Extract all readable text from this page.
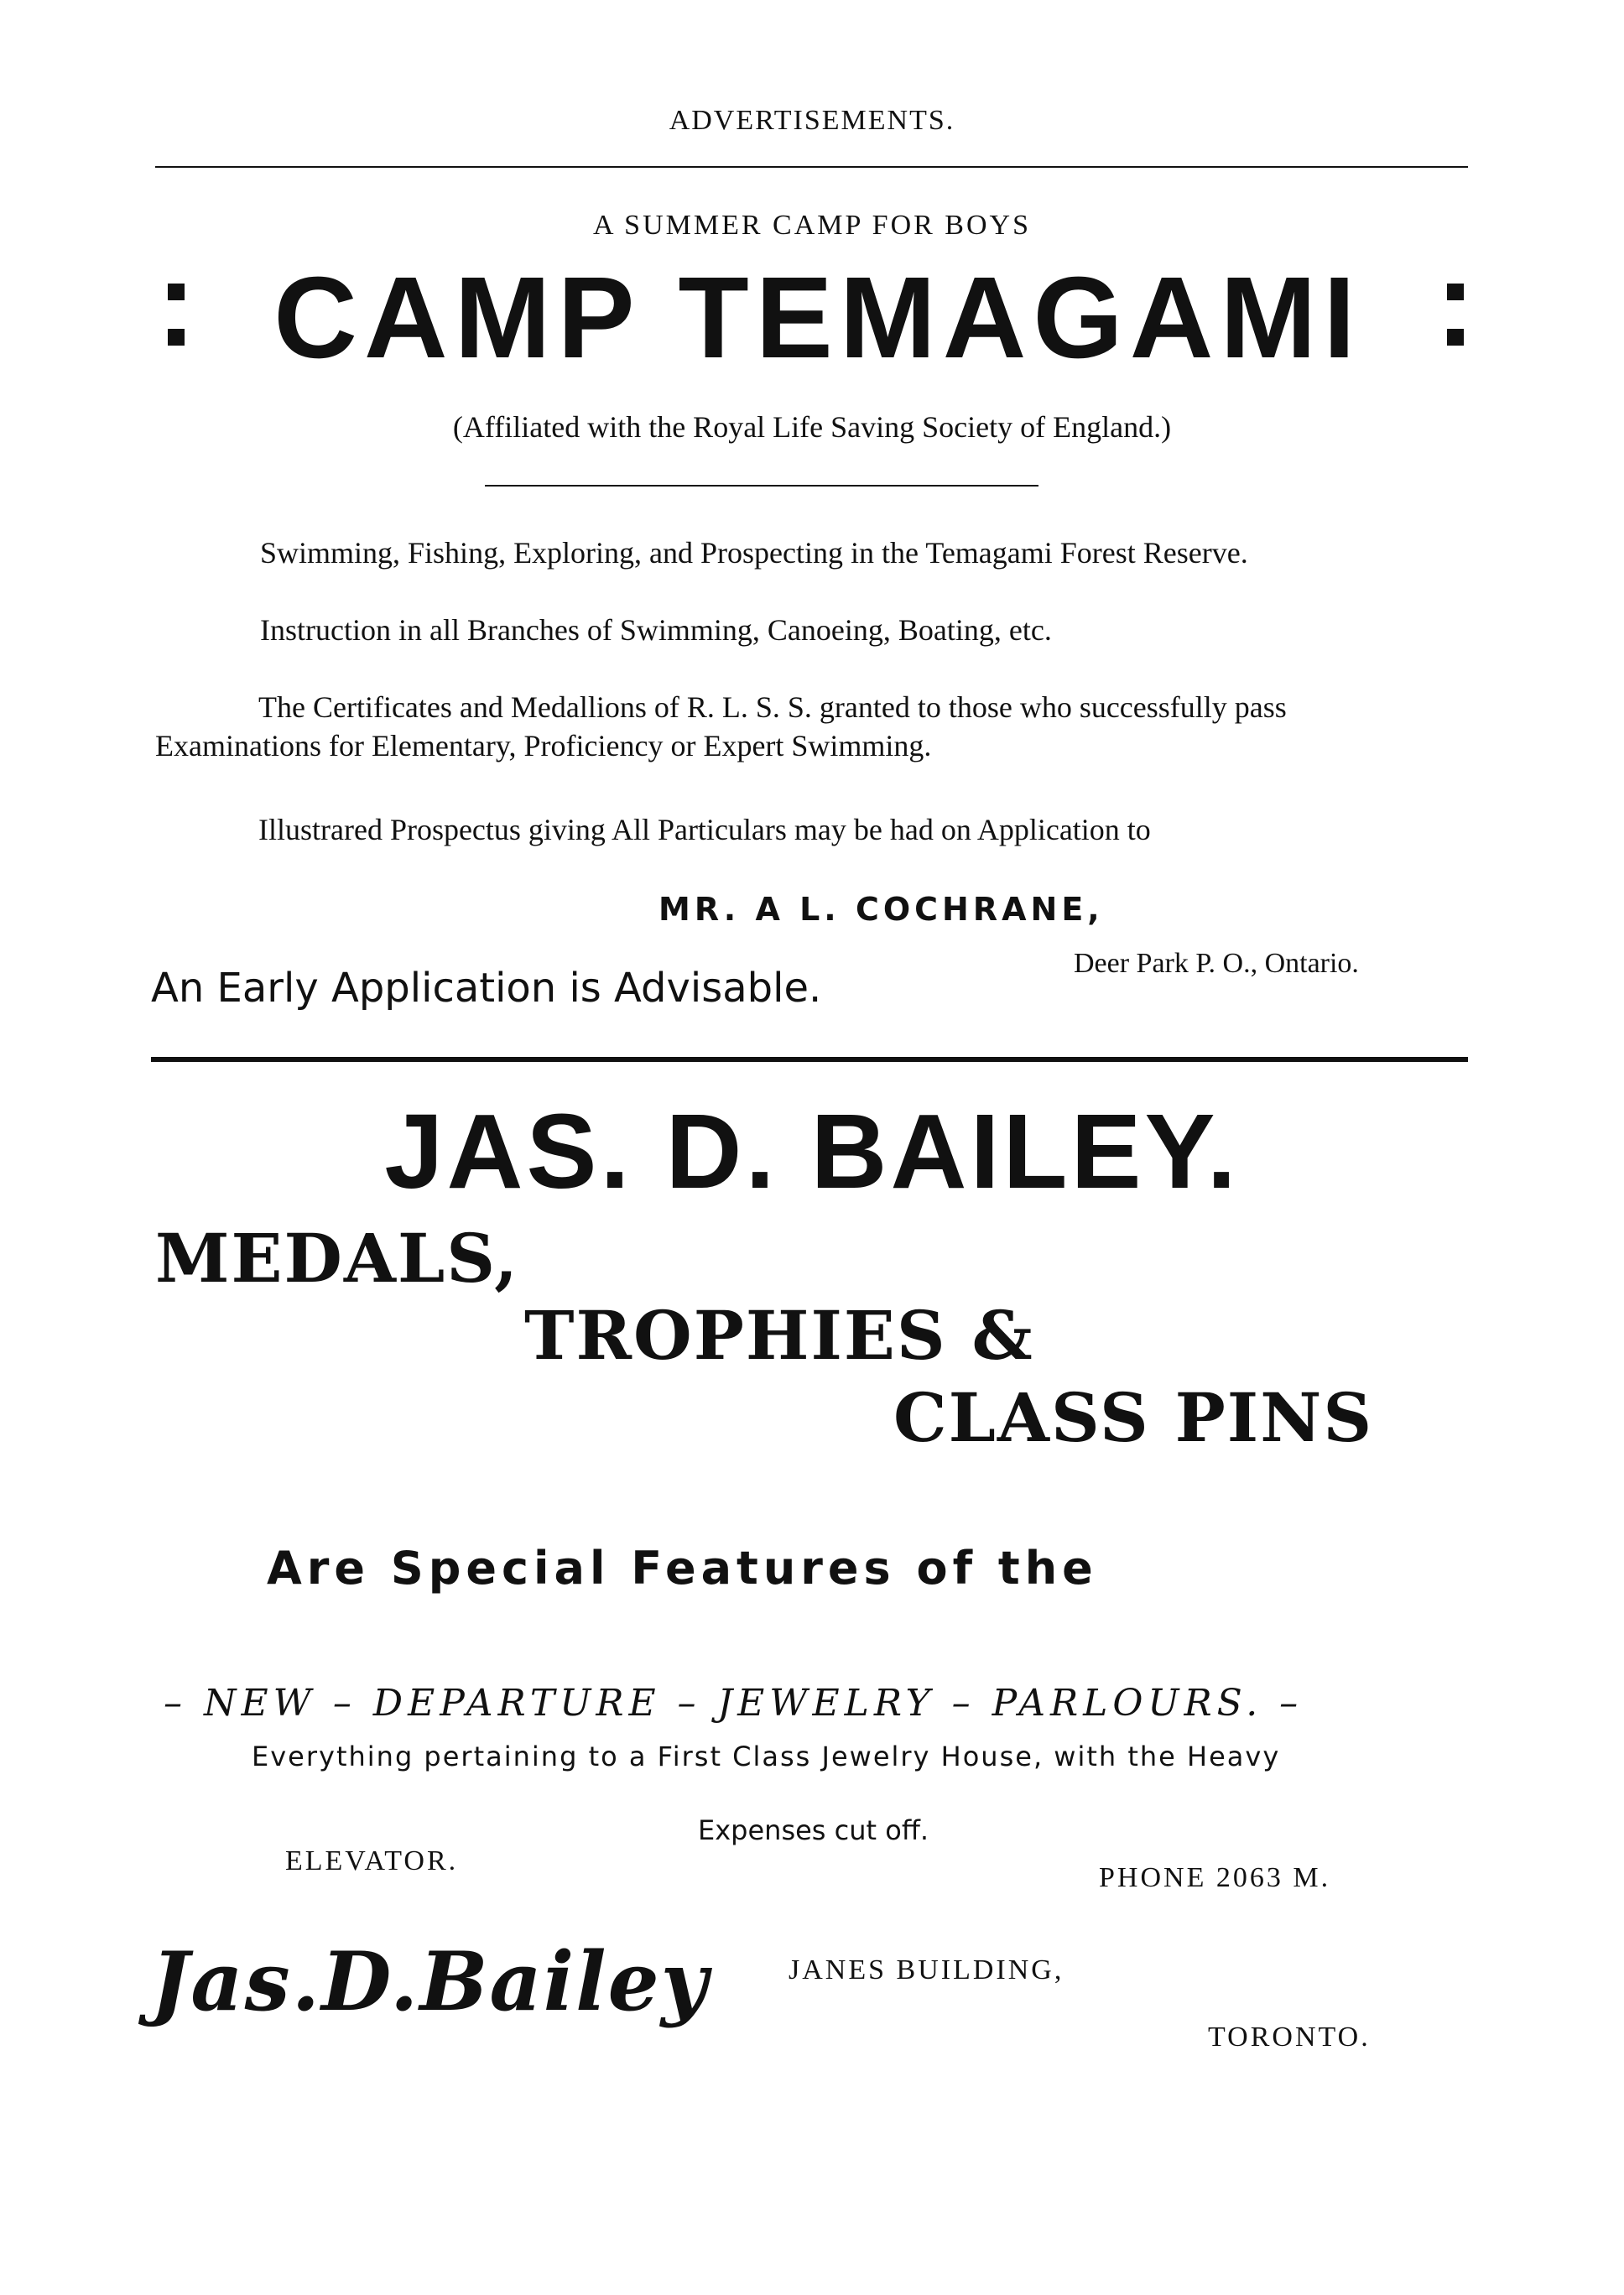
ADVERTISEMENTS.
A SUMMER CAMP FOR BOYS
CAMP TEMAGAMI
(Affiliated with the Royal Life Saving Society of England.)
Swimming, Fishing, Exploring, and Prospecting in the Temagami Forest Reserve.
Instruction in all Branches of Swimming, Canoeing, Boating, etc.
The Certificates and Medallions of R. L. S. S. granted to those who successfully pass
Examinations for Elementary, Proficiency or Expert Swimming.
Illustrared Prospectus giving All Particulars may be had on Application to
MR. A L. COCHRANE,
Deer Park P. O., Ontario.
An Early Application is Advisable.
JAS. D. BAILEY.
MEDALS,
TROPHIES &
CLASS PINS
Are Special Features of the
– NEW – DEPARTURE – JEWELRY – PARLOURS. –
Everything pertaining to a First Class Jewelry House, with the Heavy
Expenses cut off.
ELEVATOR.
PHONE 2063 M.
Jas.D.Bailey	JANES BUILDING,
TORONTO.
